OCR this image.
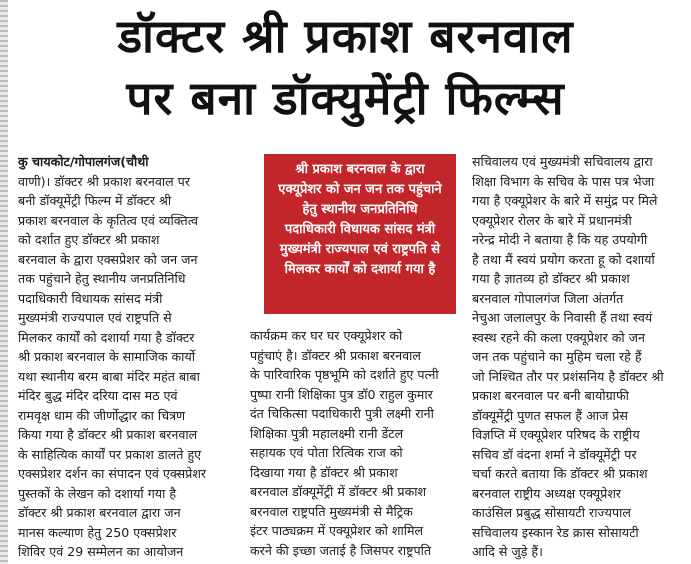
डॉक्टर श्री प्रकाश बरनवाल
पर बना डॉक्युमेंट्री फिल्म्स
कु चायकोट/गोपालगंज(चौथी
वाणी)। डॉक्टर श्री प्रकाश बरनवाल पर
बनी डॉक्यूमेंट्री फिल्म में डॉक्टर श्री
प्रकाश बरनवाल के कृतित्व एवं व्यक्तित्व
को दर्शात हुए डॉक्टर श्री प्रकाश
बरनवाल के द्वारा एक्सप्रेशर को जन जन
तक पहुंचाने हेतु स्थानीय जनप्रतिनिधि
पदाधिकारी विधायक सांसद मंत्री
मुख्यमंत्री राज्यपाल एवं राष्ट्रपति से
मिलकर कार्यों को दशार्या गया है डॉक्टर
श्री प्रकाश बरनवाल के सामाजिक कार्यो
यथा स्थानीय बरम बाबा मंदिर महंत बाबा
मंदिर बुद्ध मंदिर दरिया दास मठ एवं
रामवृक्ष धाम की जीर्णोद्धार का चित्रण
किया गया है डॉक्टर श्री प्रकाश बरनवाल
के साहित्यिक कार्यों पर प्रकाश डालते हुए
एक्सप्रेशर दर्शन का संपादन एवं एक्सप्रेशर
पुस्तकों के लेखन को दशार्या गया है
डॉक्टर श्री प्रकाश बरनवाल द्वारा जन
मानस कल्याण हेतु 250 एक्सप्रेशर
शिविर एवं 29 सम्मेलन का आयोजन
श्री प्रकाश बरनवाल के द्वारा
एक्यूप्रेशर को जन जन तक पहुंचाने
हेतु स्थानीय जनप्रतिनिधि
पदाधिकारी विधायक सांसद मंत्री
मुख्यमंत्री राज्यपाल एवं राष्ट्रपति से
मिलकर कार्यों को दशार्या गया है
कार्यक्रम कर घर घर एक्यूप्रेशर को
पहुंचाएं है। डॉक्टर श्री प्रकाश बरनवाल
के पारिवारिक पृष्ठभूमि को दर्शाते हुए पत्नी
पुष्पा रानी शिक्षिका पुत्र डॉ0 राहुल कुमार
दंत चिकित्सा पदाधिकारी पुत्री लक्ष्मी रानी
शिक्षिका पुत्री महालक्ष्मी रानी डेंटल
सहायक एवं पोता रित्विक राज को
दिखाया गया है डॉक्टर श्री प्रकाश
बरनवाल डॉक्यूमेंट्री में डॉक्टर श्री प्रकाश
बरनवाल राष्ट्रपति मुख्यमंत्री से मैट्रिक
इंटर पाठ्यक्रम में एक्यूप्रेशर को शामिल
करने की इच्छा जताई है जिसपर राष्ट्रपति
सचिवालय एवं मुख्यमंत्री सचिवालय द्वारा
शिक्षा विभाग के सचिव के पास पत्र भेजा
गया है एक्यूप्रेशर के बारे में समुंद्र पर मिले
एक्यूप्रेशर रोलर के बारे में प्रधानमंत्री
नरेन्द्र मोदी ने बताया है कि यह उपयोगी
है तथा मैं स्वयं प्रयोग करता हू को दशार्या
गया है ज्ञातव्य हो डॉक्टर श्री प्रकाश
बरनवाल गोपालगंज जिला अंतर्गत
नेचुआ जलालपुर के निवासी हैं तथा स्वयं
स्वस्थ रहने की कला एक्यूप्रेशर को जन
जन तक पहुंचाने का मुहिम चला रहे हैं
जो निश्चित तौर पर प्रशंसनिय है डॉक्टर श्री
प्रकाश बरनवाल पर बनी बायोग्राफी
डॉक्यूमेंट्री पुणत सफल हैं आज प्रेस
विज्ञप्ति में एक्यूप्रेशर परिषद के राष्ट्रीय
सचिव डॉ वंदना शर्मा ने डॉक्यूमेंट्री पर
चर्चा करते बताया कि डॉक्टर श्री प्रकाश
बरनवाल राष्ट्रीय अध्यक्ष एक्यूप्रेशर
काउंसिल प्रबुद्ध सोसायटी राज्यपाल
सचिवालय इस्कान रेड क्रास सोसायटी
आदि से जुड़े हैं।
